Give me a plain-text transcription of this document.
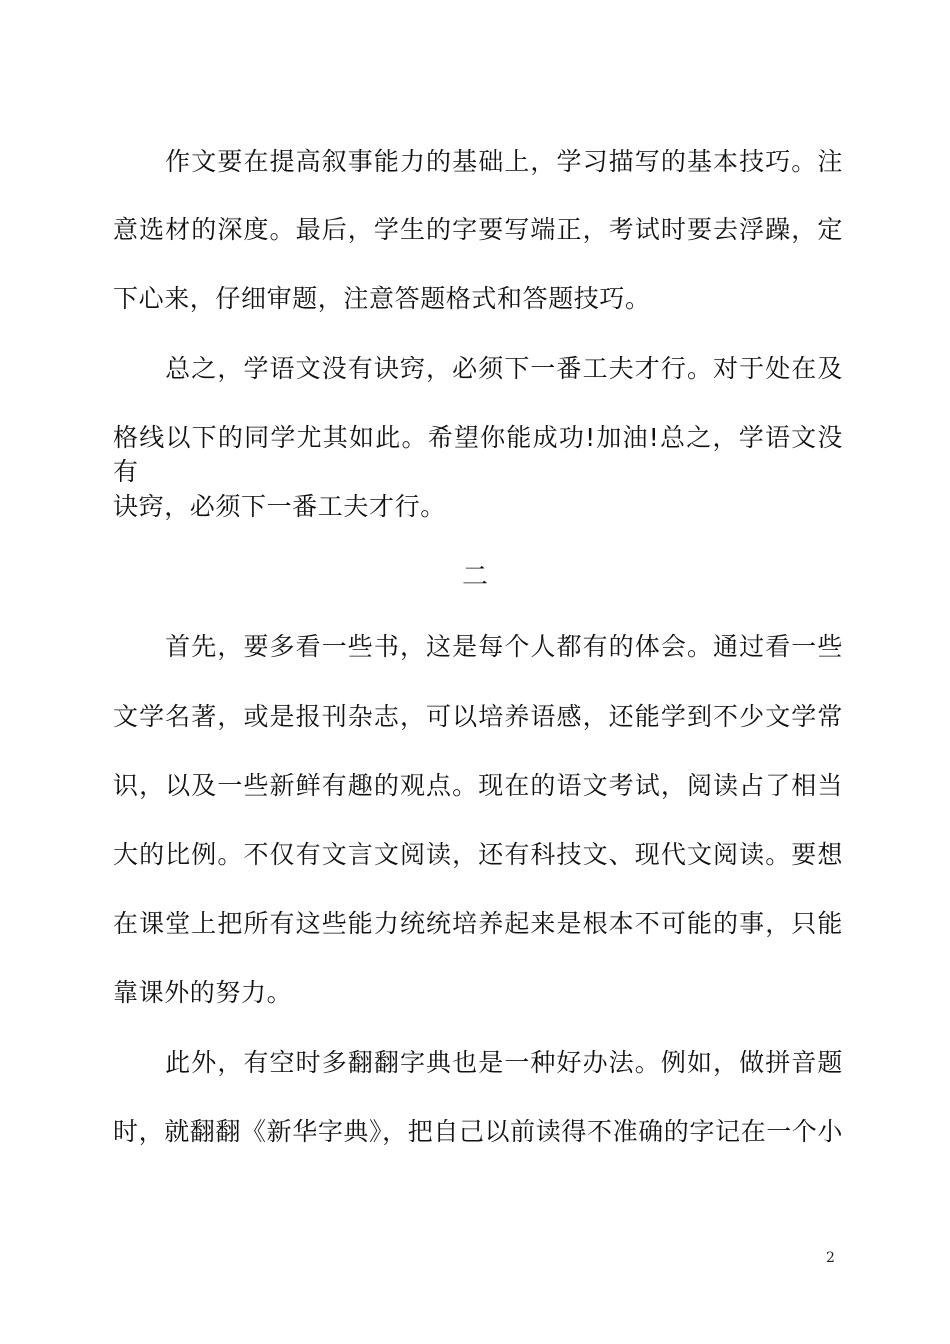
　　作文要在提高叙事能力的基础上，学习描写的基本技巧。注
意选材的深度。最后，学生的字要写端正，考试时要去浮躁，定
下心来，仔细审题，注意答题格式和答题技巧。
　　总之，学语文没有诀窍，必须下一番工夫才行。对于处在及
格线以下的同学尤其如此。希望你能成功!加油!总之，学语文没有
诀窍，必须下一番工夫才行。
二
　　首先，要多看一些书，这是每个人都有的体会。通过看一些
文学名著，或是报刊杂志，可以培养语感，还能学到不少文学常
识，以及一些新鲜有趣的观点。现在的语文考试，阅读占了相当
大的比例。不仅有文言文阅读，还有科技文、现代文阅读。要想
在课堂上把所有这些能力统统培养起来是根本不可能的事，只能
靠课外的努力。
　　此外，有空时多翻翻字典也是一种好办法。例如，做拼音题
时，就翻翻《新华字典》，把自己以前读得不准确的字记在一个小
2
